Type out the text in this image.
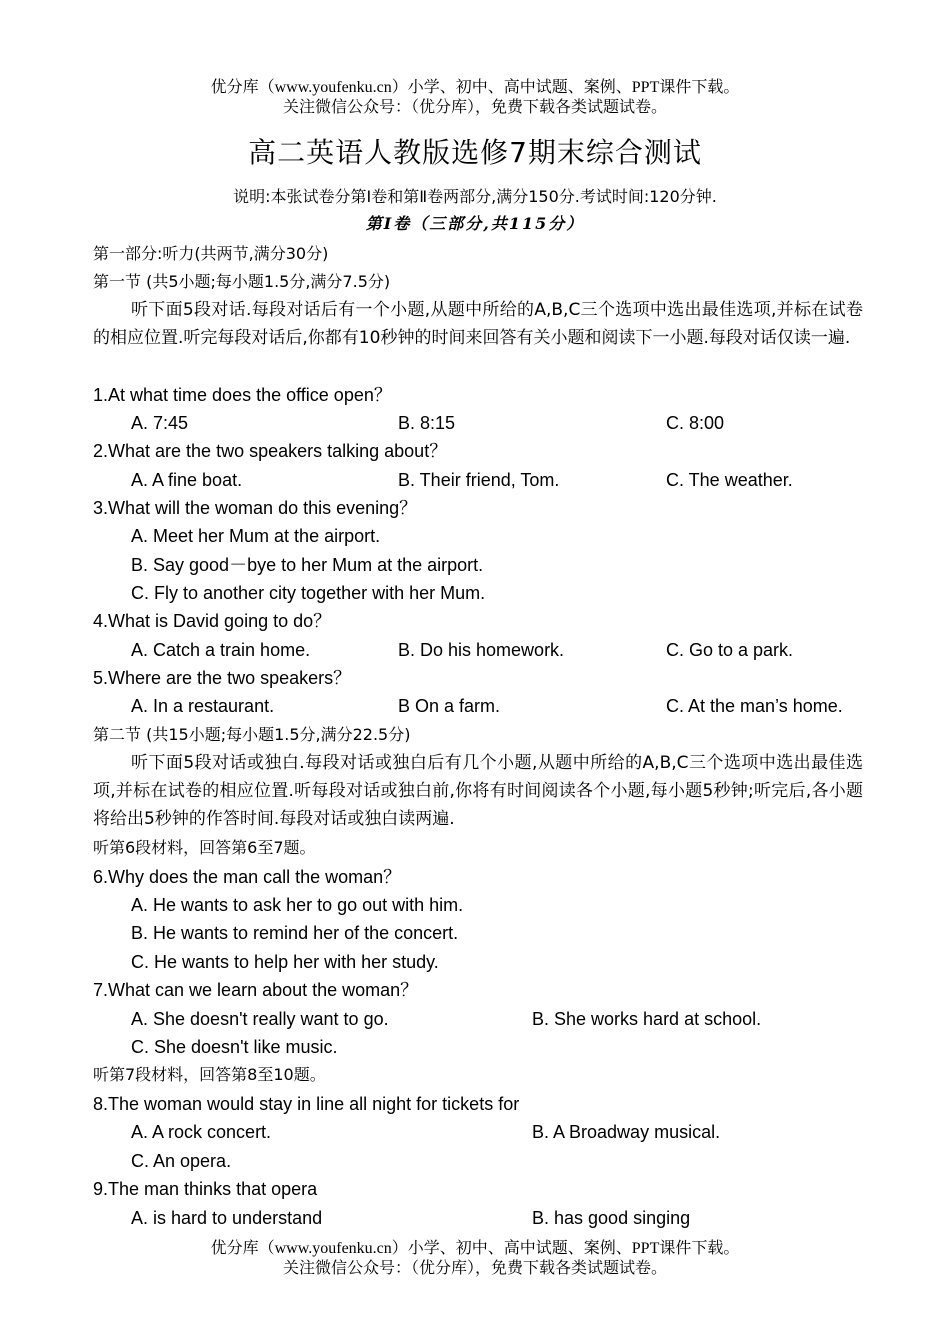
优分库（www.youfenku.cn）小学、初中、高中试题、案例、PPT课件下载。
关注微信公众号：（优分库），免费下载各类试题试卷。
高二英语人教版选修7期末综合测试
说明:本张试卷分第Ⅰ卷和第Ⅱ卷两部分,满分150分.考试时间:120分钟.
第Ⅰ卷（三部分,共115分）
第一部分:听力(共两节,满分30分)
第一节 (共5小题;每小题1.5分,满分7.5分)
听下面5段对话.每段对话后有一个小题,从题中所给的A,B,C三个选项中选出最佳选项,并标在试卷的相应位置.听完每段对话后,你都有10秒钟的时间来回答有关小题和阅读下一小题.每段对话仅读一遍.
1.At what time does the office open？
A. 7:45	B. 8:15	C. 8:00
2.What are the two speakers talking about？
A. A fine boat.	B. Their friend, Tom.	C. The weather.
3.What will the woman do this evening？
A. Meet her Mum at the airport.
B. Say good－bye to her Mum at the airport.
C. Fly to another city together with her Mum.
4.What is David going to do？
A. Catch a train home.	B. Do his homework.	C. Go to a park.
5.Where are the two speakers？
A. In a restaurant.	B On a farm.	C. At the man’s home.
第二节 (共15小题;每小题1.5分,满分22.5分)
听下面5段对话或独白.每段对话或独白后有几个小题,从题中所给的A,B,C三个选项中选出最佳选项,并标在试卷的相应位置.听每段对话或独白前,你将有时间阅读各个小题,每小题5秒钟;听完后,各小题将给出5秒钟的作答时间.每段对话或独白读两遍.
听第6段材料，回答第6至7题。
6.Why does the man call the woman？
A. He wants to ask her to go out with him.
B. He wants to remind her of the concert.
C. He wants to help her with her study.
7.What can we learn about the woman？
A. She doesn't really want to go.	B. She works hard at school.
C. She doesn't like music.
听第7段材料，回答第8至10题。
8.The woman would stay in line all night for tickets for
A. A rock concert.	B. A Broadway musical.
C. An opera.
9.The man thinks that opera
A. is hard to understand	B. has good singing
优分库（www.youfenku.cn）小学、初中、高中试题、案例、PPT课件下载。
关注微信公众号：（优分库），免费下载各类试题试卷。
